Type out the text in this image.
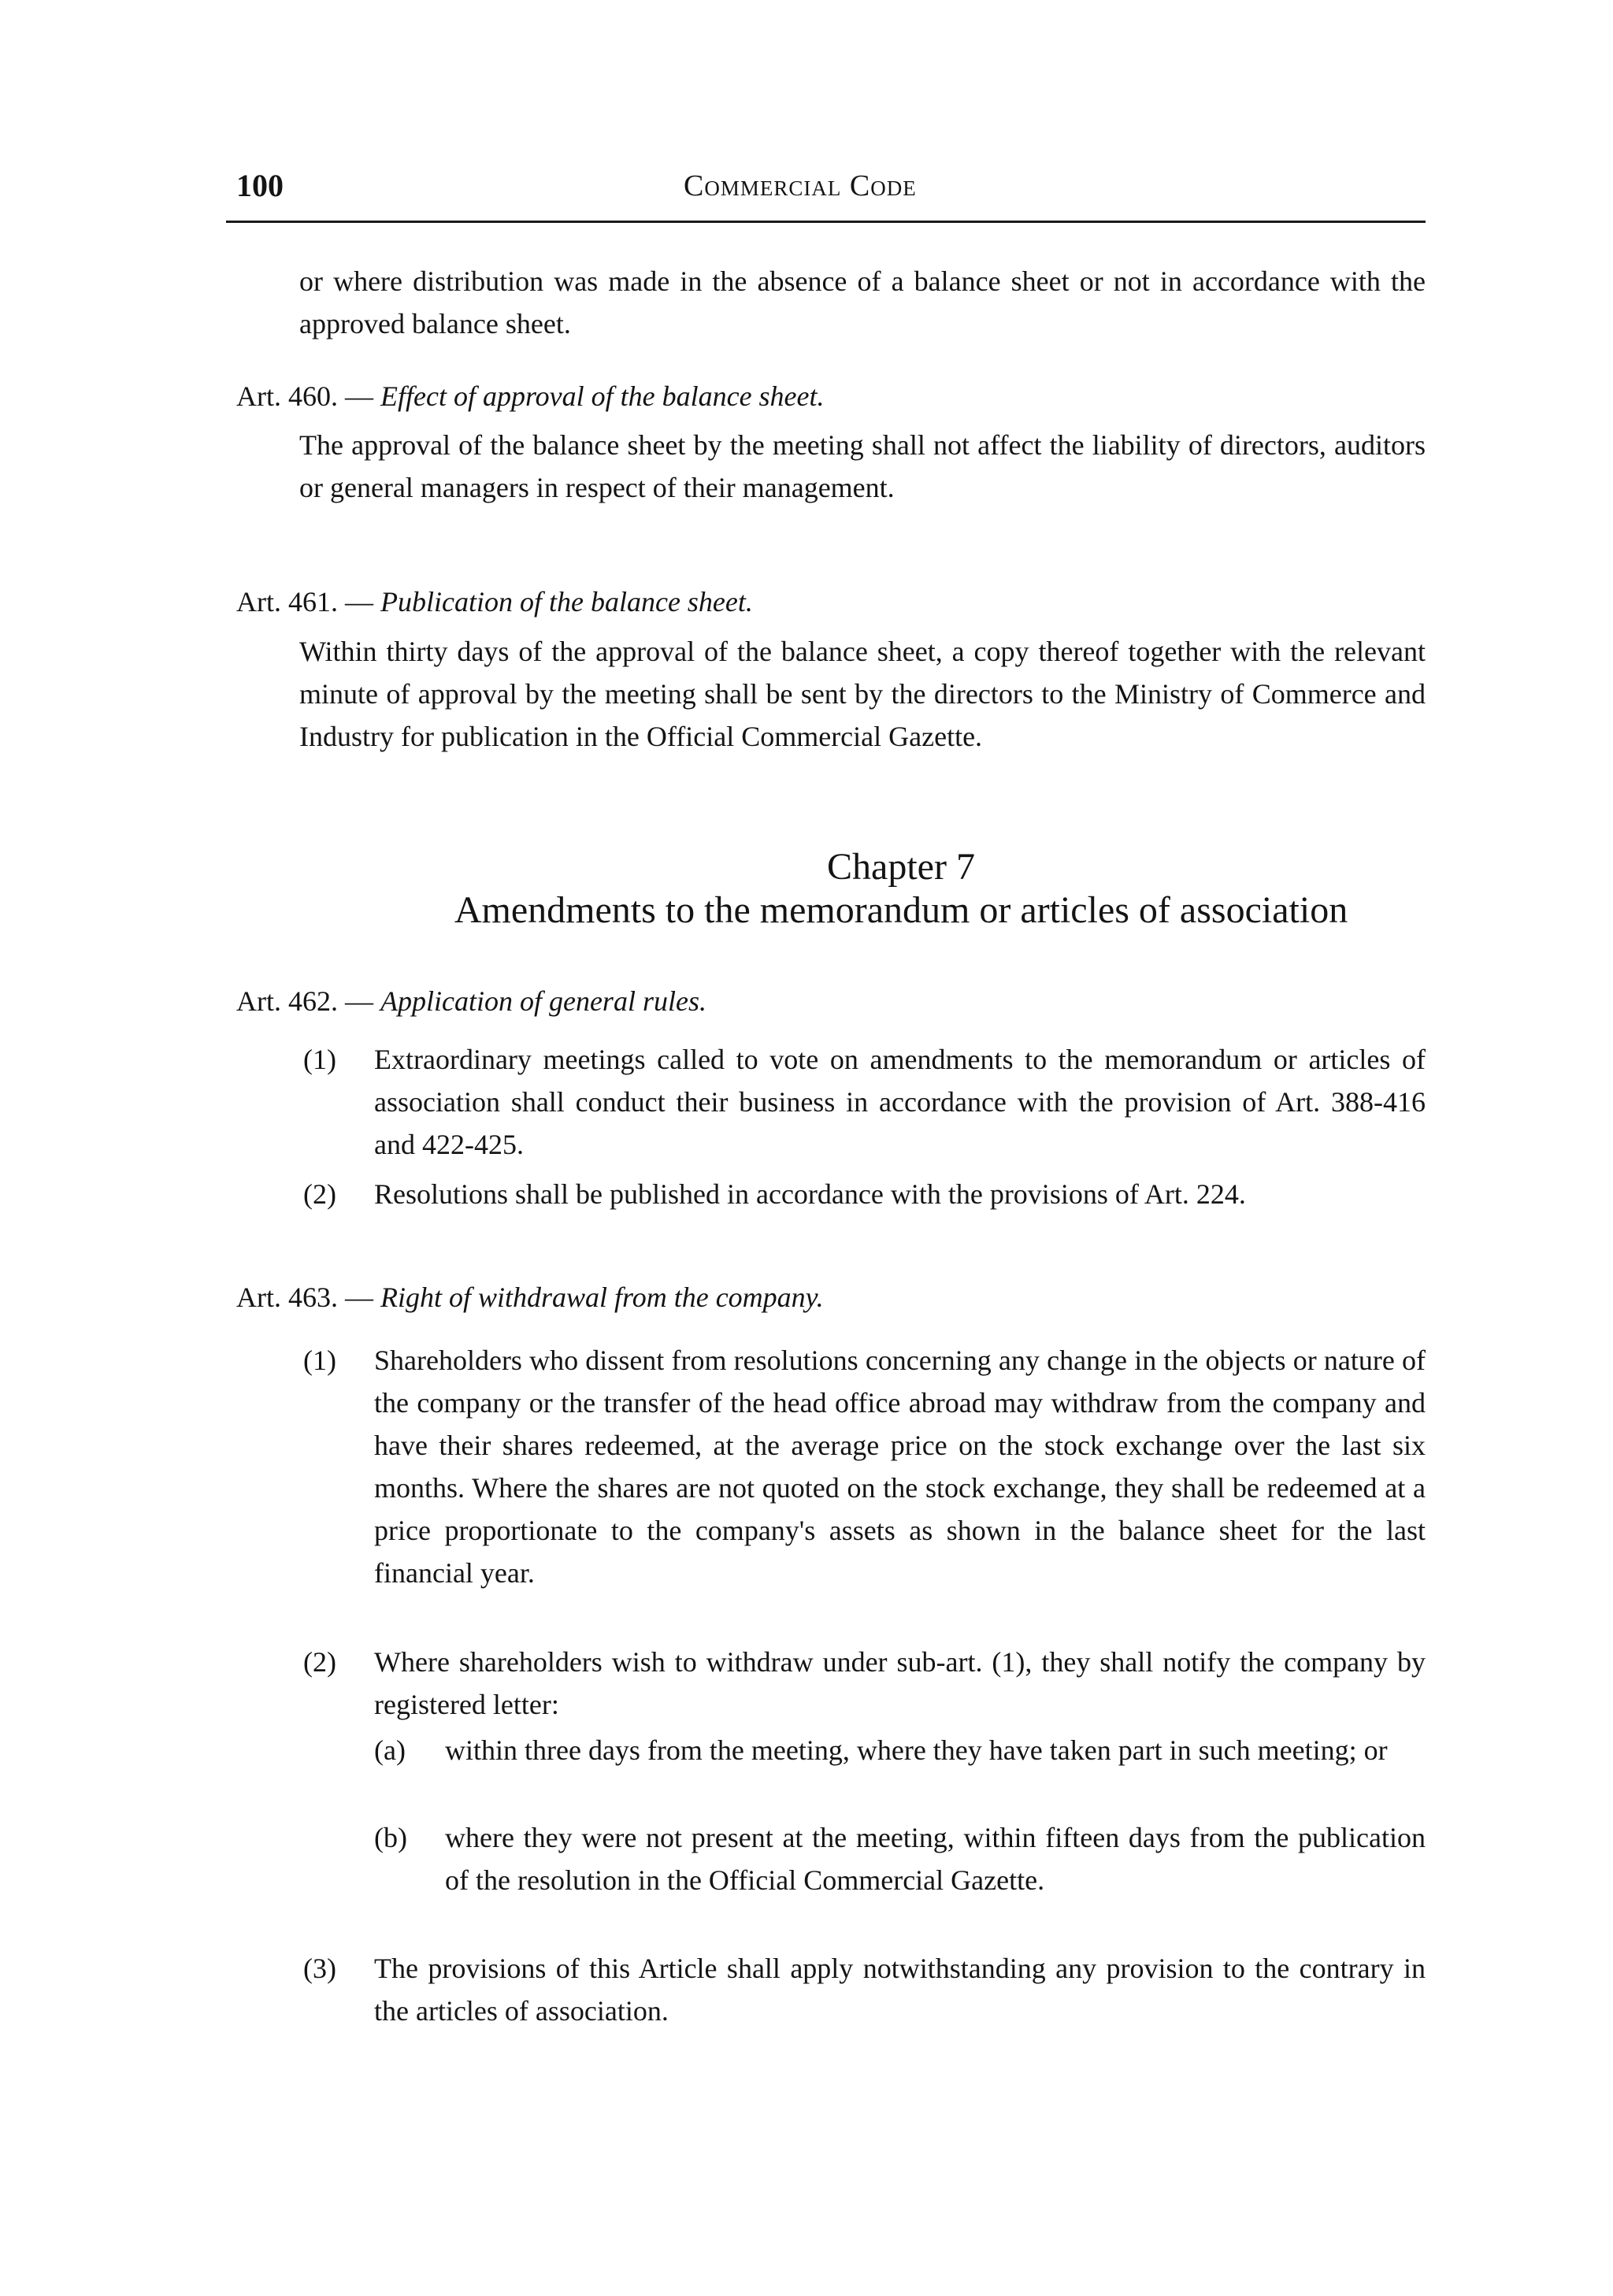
100	Commercial Code

or where distribution was made in the absence of a balance sheet or not in accordance with the approved balance sheet.

Art. 460. — Effect of approval of the balance sheet.

The approval of the balance sheet by the meeting shall not affect the liability of directors, auditors or general managers in respect of their management.

Art. 461. — Publication of the balance sheet.

Within thirty days of the approval of the balance sheet, a copy thereof together with the relevant minute of approval by the meeting shall be sent by the directors to the Ministry of Commerce and Industry for publication in the Official Commercial Gazette.

Chapter 7
Amendments to the memorandum or articles of association
Art. 462. — Application of general rules.
(1) Extraordinary meetings called to vote on amendments to the memorandum or articles of association shall conduct their business in accordance with the provision of Art. 388-416 and 422-425.

(2) Resolutions shall be published in accordance with the provisions of Art. 224.

Art. 463. — Right of withdrawal from the company.
(1) Shareholders who dissent from resolutions concerning any change in the objects or nature of the company or the transfer of the head office abroad may withdraw from the company and have their shares redeemed, at the average price on the stock exchange over the last six months. Where the shares are not quoted on the stock exchange, they shall be redeemed at a price proportionate to the company's assets as shown in the balance sheet for the last financial year.

(2) Where shareholders wish to withdraw under sub-art. (1), they shall notify the company by registered letter:

(a) within three days from the meeting, where they have taken part in such meeting; or

(b) where they were not present at the meeting, within fifteen days from the publication of the resolution in the Official Commercial Gazette.

(3) The provisions of this Article shall apply notwithstanding any provision to the contrary in the articles of association.
